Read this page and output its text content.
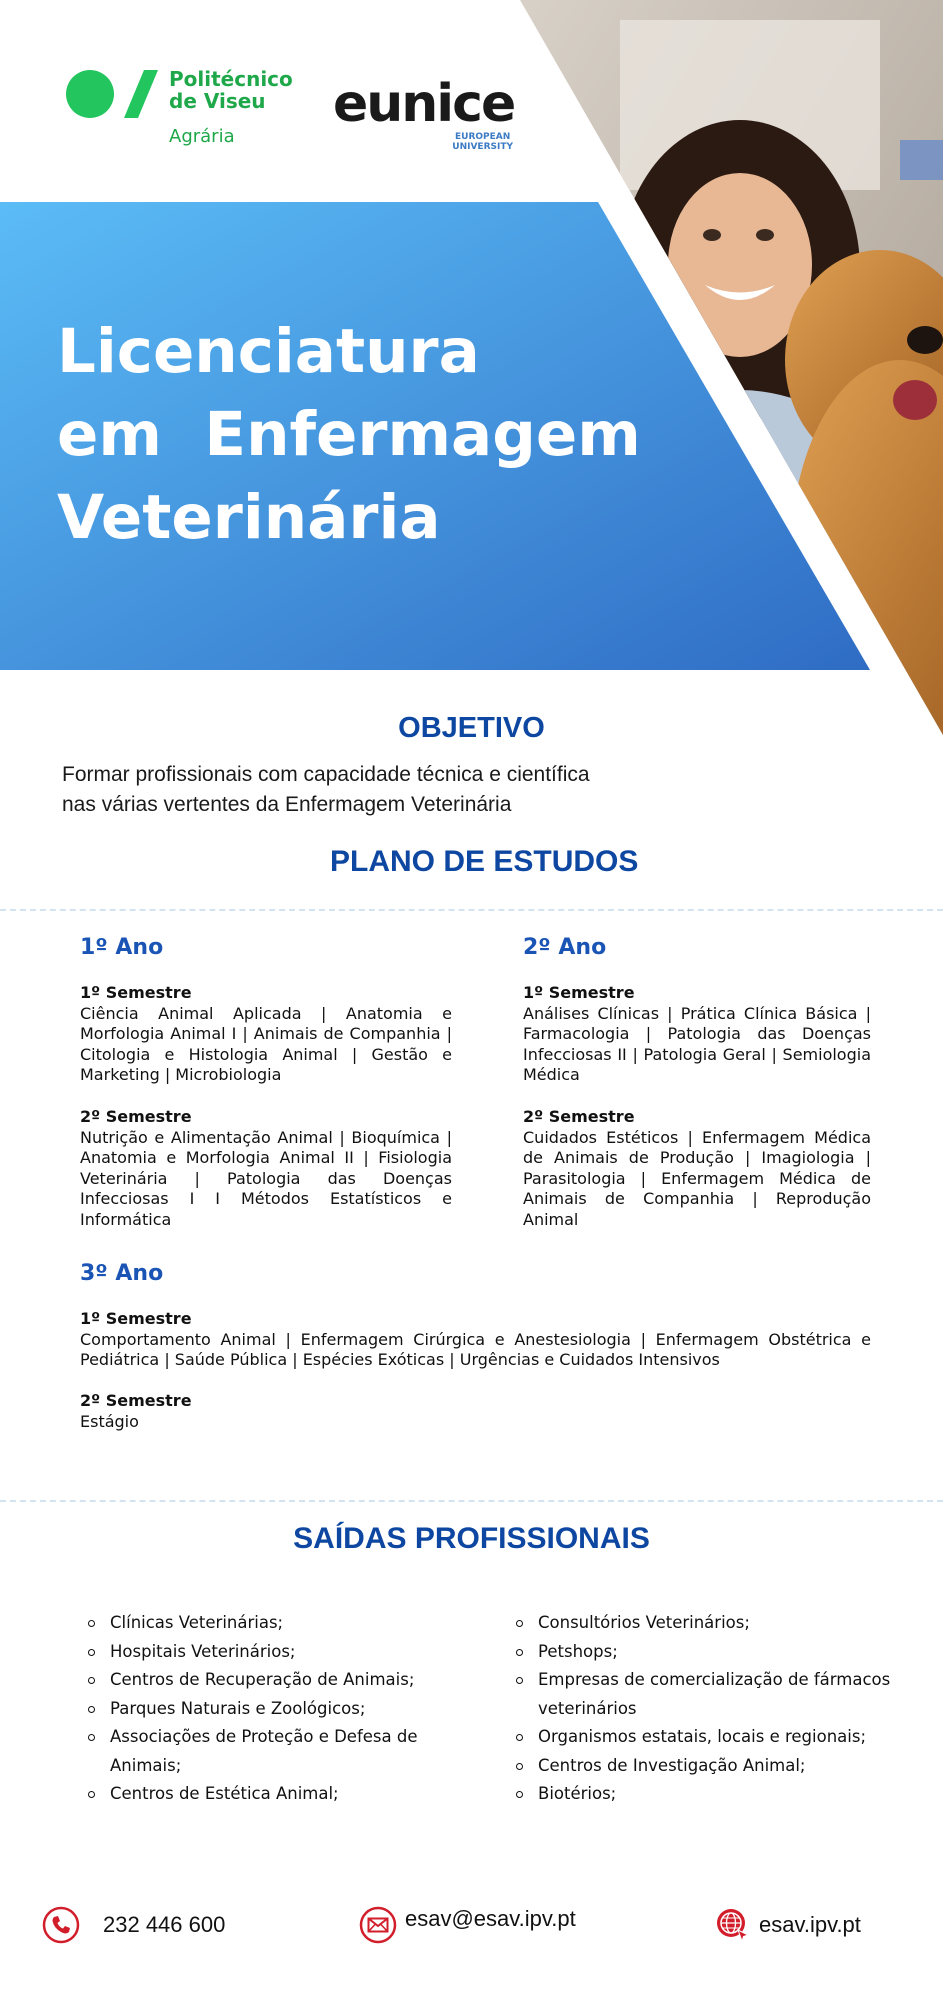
Politécnico
de Viseu
Agrária
eunice
EUROPEAN
UNIVERSITY
Licenciatura
em  Enfermagem
Veterinária
OBJETIVO
Formar profissionais com capacidade técnica e científica
nas várias vertentes da Enfermagem Veterinária
PLANO DE ESTUDOS
1º Ano
1º Semestre
Ciência Animal Aplicada | Anatomia e Morfologia Animal I | Animais de Companhia | Citologia e Histologia Animal | Gestão e Marketing | Microbiologia
2º Semestre
Nutrição e Alimentação Animal | Bioquímica | Anatomia e Morfologia Animal II | Fisiologia Veterinária | Patologia das Doenças Infecciosas I I Métodos Estatísticos e Informática
2º Ano
1º Semestre
Análises Clínicas | Prática Clínica Básica | Farmacologia | Patologia das Doenças Infecciosas II | Patologia Geral | Semiologia Médica
2º Semestre
Cuidados Estéticos | Enfermagem Médica de Animais de Produção | Imagiologia | Parasitologia | Enfermagem Médica de Animais de Companhia | Reprodução Animal
3º Ano
1º Semestre
Comportamento Animal | Enfermagem Cirúrgica e Anestesiologia | Enfermagem Obstétrica e Pediátrica | Saúde Pública | Espécies Exóticas | Urgências e Cuidados Intensivos
2º Semestre
Estágio
SAÍDAS PROFISSIONAIS
Clínicas Veterinárias;
Hospitais Veterinários;
Centros de Recuperação de Animais;
Parques Naturais e Zoológicos;
Associações de Proteção e Defesa de Animais;
Centros de Estética Animal;
Consultórios Veterinários;
Petshops;
Empresas de comercialização de fármacos veterinários
Organismos estatais, locais e regionais;
Centros de Investigação Animal;
Biotérios;
232 446 600	esav@esav.ipv.pt	esav.ipv.pt
